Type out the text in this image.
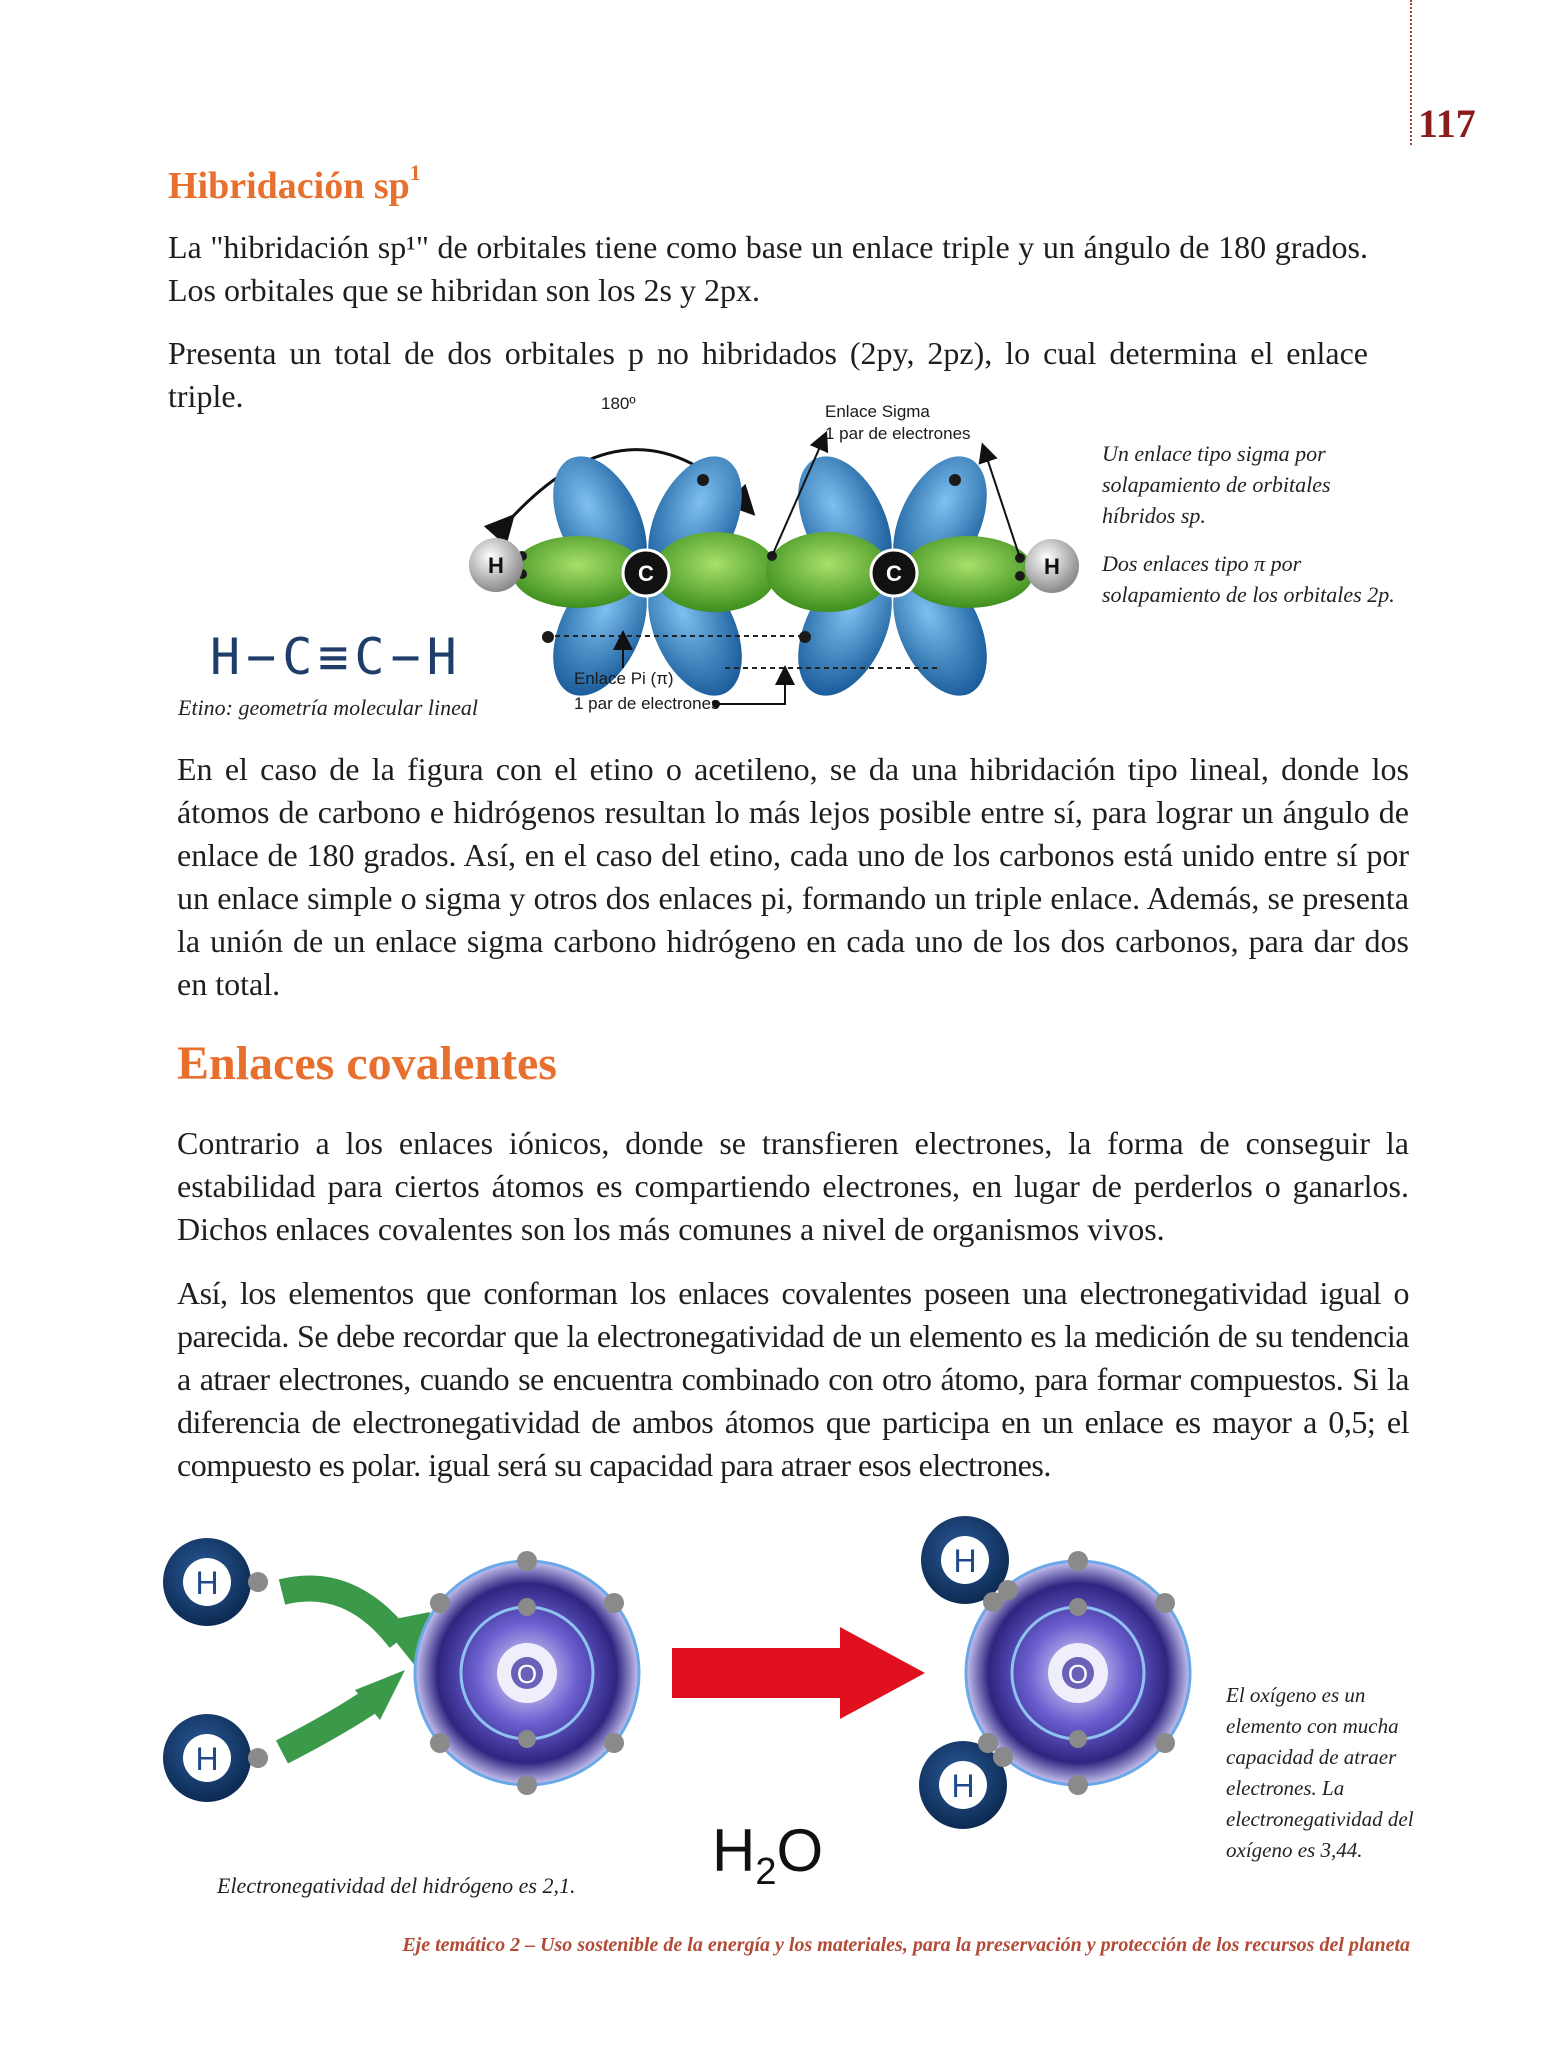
117
Hibridación $sp^1$
La "hibridación sp¹" de orbitales tiene como base un enlace triple y un ángulo de 180 grados. Los orbitales que se hibridan son los 2s y 2px.
Presenta un total de dos orbitales p no hibridados (2py, 2pz), lo cual determina el enlace triple.
H	H
C	C
H
H
O	O
H
H
180º	Enlace Sigma
1 par de electrones
Enlace Pi (π)
1 par de electrones
H−C≡C−H
Etino: geometría molecular lineal
Un enlace tipo sigma por solapamiento de orbitales híbridos sp.
Dos enlaces tipo π por solapamiento de los orbitales 2p.
En el caso de la figura con el etino o acetileno, se da una hibridación tipo lineal, donde los átomos de carbono e hidrógenos resultan lo más lejos posible entre sí, para lograr un ángulo de enlace de 180 grados. Así, en el caso del etino, cada uno de los carbonos está unido entre sí por un enlace simple o sigma y otros dos enlaces pi, formando un triple enlace. Además, se presenta la unión de un enlace sigma carbono hidrógeno en cada uno de los dos carbonos, para dar dos en total.
Enlaces covalentes
Contrario a los enlaces iónicos, donde se transfieren electrones, la forma de conseguir la estabilidad para ciertos átomos es compartiendo electrones, en lugar de perderlos o ganarlos. Dichos enlaces covalentes son los más comunes a nivel de organismos vivos.
Así, los elementos que conforman los enlaces covalentes poseen una electronegatividad igual o parecida. Se debe recordar que la electronegatividad de un elemento es la medición de su tendencia a atraer electrones, cuando se encuentra combinado con otro átomo, para formar compuestos. Si la diferencia de electronegatividad de ambos átomos que participa en un enlace es mayor a 0,5; el compuesto es polar. igual será su capacidad para atraer esos electrones.
$H_2O$
El oxígeno es un elemento con mucha capacidad de atraer electrones. La electronegatividad del oxígeno es 3,44.
Electronegatividad del hidrógeno es 2,1.
Eje temático 2 – Uso sostenible de la energía y los materiales, para la preservación y protección de los recursos del planeta
